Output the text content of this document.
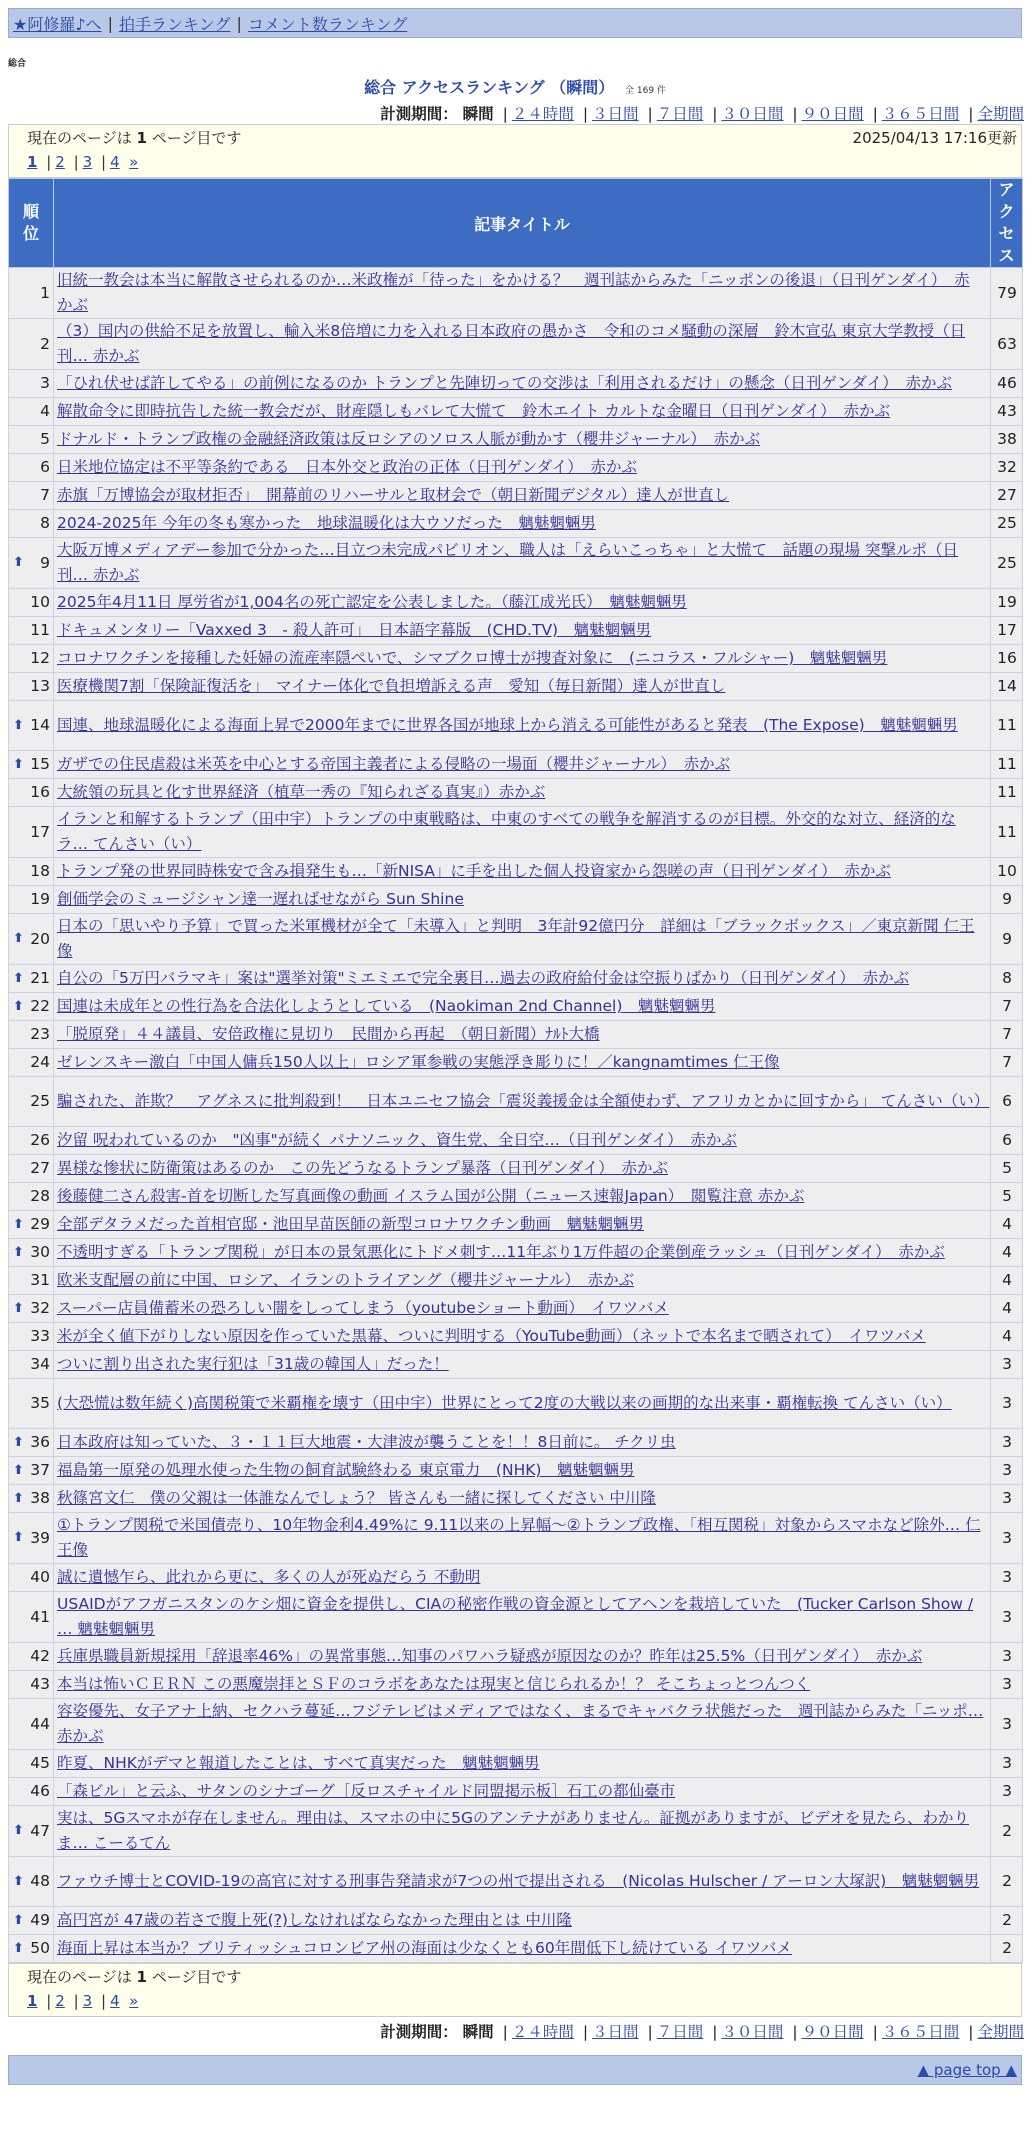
★阿修羅♪へ | 拍手ランキング | コメント数ランキング
総合
総合 アクセスランキング （瞬間） 全 169 件
計測期間： 瞬間 | ２４時間 | ３日間 | ７日間 | ３０日間 | ９０日間 | ３６５日間 | 全期間
現在のページは 1 ページ目です	2025/04/13 17:16更新
1 | 2 | 3 | 4 »
順位	記事タイトル	アクセス
1	旧統一教会は本当に解散させられるのか…米政権が「待った」をかける？　週刊誌からみた「ニッポンの後退」（日刊ゲンダイ）　赤かぶ	79
2	（3）国内の供給不足を放置し、輸入米8倍増に力を入れる日本政府の愚かさ　令和のコメ騒動の深層　鈴木宣弘 東京大学教授（日刊… 赤かぶ	63
3	「ひれ伏せば許してやる」の前例になるのか トランプと先陣切っての交渉は「利用されるだけ」の懸念（日刊ゲンダイ）　赤かぶ	46
4	解散命令に即時抗告した統一教会だが、財産隠しもバレて大慌て　鈴木エイト カルトな金曜日（日刊ゲンダイ）　赤かぶ	43
5	ドナルド・トランプ政権の金融経済政策は反ロシアのソロス人脈が動かす（櫻井ジャーナル）　赤かぶ	38
6	日米地位協定は不平等条約である　日本外交と政治の正体（日刊ゲンダイ）　赤かぶ	32
7	赤旗「万博協会が取材拒否」　開幕前のリハーサルと取材会で（朝日新聞デジタル）達人が世直し	27
8	2024-2025年 今年の冬も寒かった　地球温暖化は大ウソだった　魑魅魍魎男	25

⬆
9	大阪万博メディアデー参加で分かった…目立つ未完成パビリオン、職人は「えらいこっちゃ」と大慌て　話題の現場 突撃ルポ（日刊… 赤かぶ	25
10	2025年4月11日 厚労省が1,004名の死亡認定を公表しました。（藤江成光氏）　魑魅魍魎男	19
11	ドキュメンタリー「Vaxxed 3　- 殺人許可」　日本語字幕版　(CHD.TV)　魑魅魍魎男	17
12	コロナワクチンを接種した妊婦の流産率隠ぺいで、シマブクロ博士が捜査対象に　(ニコラス・フルシャー)　魑魅魍魎男	16
13	医療機関7割「保険証復活を」　マイナー体化で負担増訴える声　愛知（毎日新聞）達人が世直し	14

⬆
14	国連、地球温暖化による海面上昇で2000年までに世界各国が地球上から消える可能性があると発表　(The Expose)　魑魅魍魎男	11

⬆
15	ガザでの住民虐殺は米英を中心とする帝国主義者による侵略の一場面（櫻井ジャーナル）　赤かぶ	11
16	大統領の玩具と化す世界経済（植草一秀の『知られざる真実』）赤かぶ	11
17	イランと和解するトランプ（田中宇）トランプの中東戦略は、中東のすべての戦争を解消するのが目標。外交的な対立、経済的なラ… てんさい（い）	11
18	トランプ発の世界同時株安で含み損発生も…「新NISA」に手を出した個人投資家から怨嗟の声（日刊ゲンダイ）　赤かぶ	10
19	創価学会のミュージシャン達一遅ればせながら Sun Shine	9

⬆
20	日本の「思いやり予算」で買った米軍機材が全て「未導入」と判明　3年計92億円分　詳細は「ブラックボックス」／東京新聞 仁王像	9

⬆
21	自公の「5万円バラマキ」案は"選挙対策"ミエミエで完全裏目…過去の政府給付金は空振りばかり（日刊ゲンダイ）　赤かぶ	8

⬆
22	国連は未成年との性行為を合法化しようとしている　(Naokiman 2nd Channel)　魑魅魍魎男	7
23	「脱原発」４４議員、安倍政権に見切り　民間から再起　（朝日新聞）ﾅﾙﾄ大橋	7
24	ゼレンスキー激白「中国人傭兵150人以上」ロシア軍参戦の実態浮き彫りに！／kangnamtimes 仁王像	7
25	騙された、詐欺？　アグネスに批判殺到！　日本ユニセフ協会「震災義援金は全額使わず、アフリカとかに回すから」 てんさい（い）	6
26	汐留 呪われているのか　"凶事"が続く パナソニック、資生党、全日空…（日刊ゲンダイ）　赤かぶ	6
27	異様な惨状に防衛策はあるのか　この先どうなるトランプ暴落（日刊ゲンダイ）　赤かぶ	5
28	後藤健二さん殺害-首を切断した写真画像の動画 イスラム国が公開（ニュース速報Japan）　閲覧注意 赤かぶ	5

⬆
29	全部デタラメだった首相官邸・池田早苗医師の新型コロナワクチン動画　魑魅魍魎男	4

⬆
30	不透明すぎる「トランプ関税」が日本の景気悪化にトドメ刺す…11年ぶり1万件超の企業倒産ラッシュ（日刊ゲンダイ）　赤かぶ	4
31	欧米支配層の前に中国、ロシア、イランのトライアング（櫻井ジャーナル）　赤かぶ	4

⬆
32	スーパー店員備蓄米の恐ろしい闇をしってしまう（youtubeショート動画）　イワツバメ	4
33	米が全く値下がりしない原因を作っていた黒幕、ついに判明する（YouTube動画）（ネットで本名まで晒されて）　イワツバメ	4
34	ついに割り出された実行犯は「31歳の韓国人」だった！	3
35	(大恐慌は数年続く)高関税策で米覇権を壊す（田中宇）世界にとって2度の大戦以来の画期的な出来事・覇権転換 てんさい（い）	3

⬆
36	日本政府は知っていた、３・１１巨大地震・大津波が襲うことを！！8日前に。 チクリ虫	3

⬆
37	福島第一原発の処理水使った生物の飼育試験終わる 東京電力　(NHK)　魑魅魍魎男	3

⬆
38	秋篠宮文仁　僕の父親は一体誰なんでしょう？ 皆さんも一緒に探してください 中川隆	3

⬆
39	①トランプ関税で米国債売り、10年物金利4.49%に 9.11以来の上昇幅〜②トランプ政権、「相互関税」対象からスマホなど除外… 仁王像	3
40	誠に遺憾乍ら、此れから更に、多くの人が死ぬだらう 不動明	3
41	USAIDがアフガニスタンのケシ畑に資金を提供し、CIAの秘密作戦の資金源としてアヘンを栽培していた　(Tucker Carlson Show / … 魑魅魍魎男	3
42	兵庫県職員新規採用「辞退率46%」の異常事態…知事のパワハラ疑惑が原因なのか？昨年は25.5%（日刊ゲンダイ）　赤かぶ	3
43	本当は怖いＣＥＲＮ この悪魔崇拝とＳＦのコラボをあなたは現実と信じられるか！？ そこちょっとつんつく	3
44	容姿優先、女子アナ上納、セクハラ蔓延…フジテレビはメディアではなく、まるでキャバクラ状態だった　週刊誌からみた「ニッポ… 赤かぶ	3
45	昨夏、NHKがデマと報道したことは、すべて真実だった　魑魅魍魎男	3
46	「森ビル」と云ふ、サタンのシナゴーグ［反ロスチャイルド同盟掲示板］石工の都仙臺市	3

⬆
47	実は、5Gスマホが存在しません。理由は、スマホの中に5Gのアンテナがありません。証拠がありますが、ビデオを見たら、わかりま… こーるてん	2

⬆
48	ファウチ博士とCOVID-19の高官に対する刑事告発請求が7つの州で提出される　(Nicolas Hulscher / アーロン大塚訳)　魑魅魍魎男	2

⬆
49	高円宮が 47歳の若さで腹上死(?)しなければならなかった理由とは 中川隆	2

⬆
50	海面上昇は本当か？ブリティッシュコロンビア州の海面は少なくとも60年間低下し続けている イワツバメ	2
現在のページは 1 ページ目です
1 | 2 | 3 | 4 »
計測期間： 瞬間 | ２４時間 | ３日間 | ７日間 | ３０日間 | ９０日間 | ３６５日間 | 全期間
▲ page top ▲
